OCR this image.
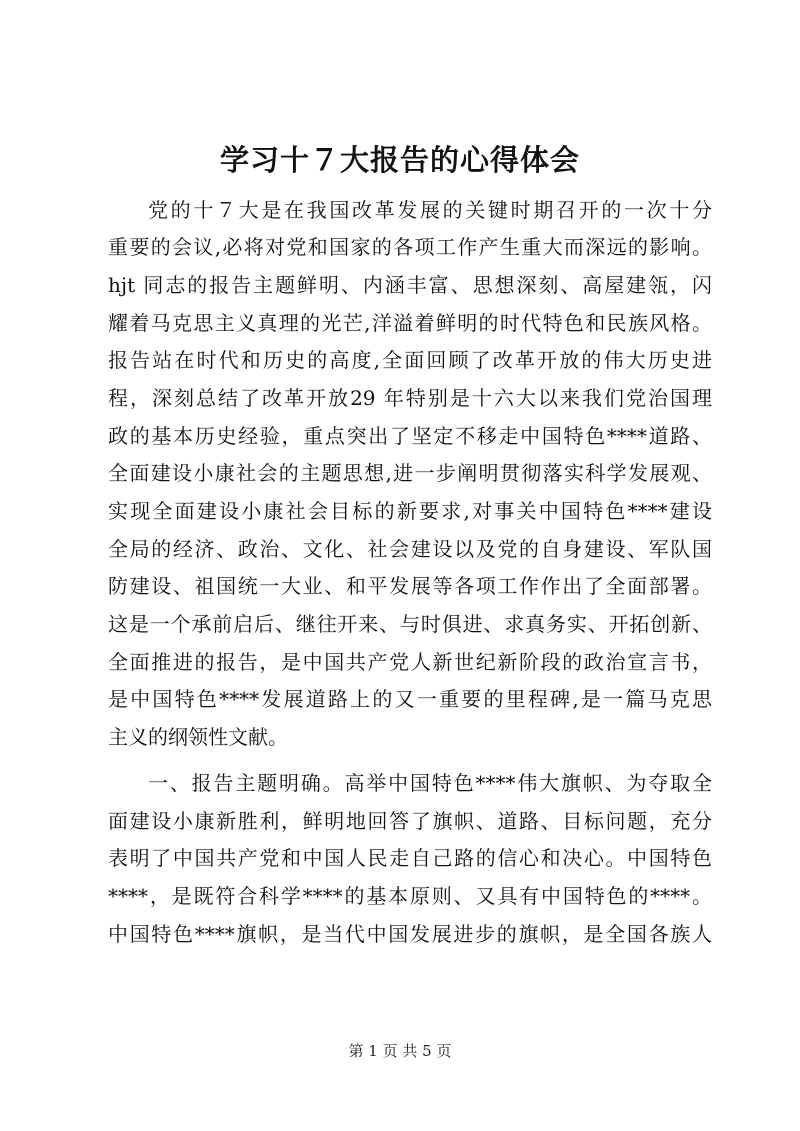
学习十７大报告的心得体会

党的十７大是在我国改革发展的关键时期召开的一次十分

重要的会议,必将对党和国家的各项工作产生重大而深远的影响。

hjt 同志的报告主题鲜明、内涵丰富、思想深刻、高屋建瓴，闪

耀着马克思主义真理的光芒,洋溢着鲜明的时代特色和民族风格。

报告站在时代和历史的高度,全面回顾了改革开放的伟大历史进

程，深刻总结了改革开放29 年特别是十六大以来我们党治国理

政的基本历史经验，重点突出了坚定不移走中国特色****道路、

全面建设小康社会的主题思想,进一步阐明贯彻落实科学发展观、

实现全面建设小康社会目标的新要求,对事关中国特色****建设

全局的经济、政治、文化、社会建设以及党的自身建设、军队国

防建设、祖国统一大业、和平发展等各项工作作出了全面部署。

这是一个承前启后、继往开来、与时俱进、求真务实、开拓创新、

全面推进的报告，是中国共产党人新世纪新阶段的政治宣言书，

是中国特色****发展道路上的又一重要的里程碑,是一篇马克思

主义的纲领性文献。

一、报告主题明确。高举中国特色****伟大旗帜、为夺取全

面建设小康新胜利，鲜明地回答了旗帜、道路、目标问题，充分

表明了中国共产党和中国人民走自己路的信心和决心。中国特色

****，是既符合科学****的基本原则、又具有中国特色的****。

中国特色****旗帜，是当代中国发展进步的旗帜，是全国各族人

第 1 页 共 5 页
